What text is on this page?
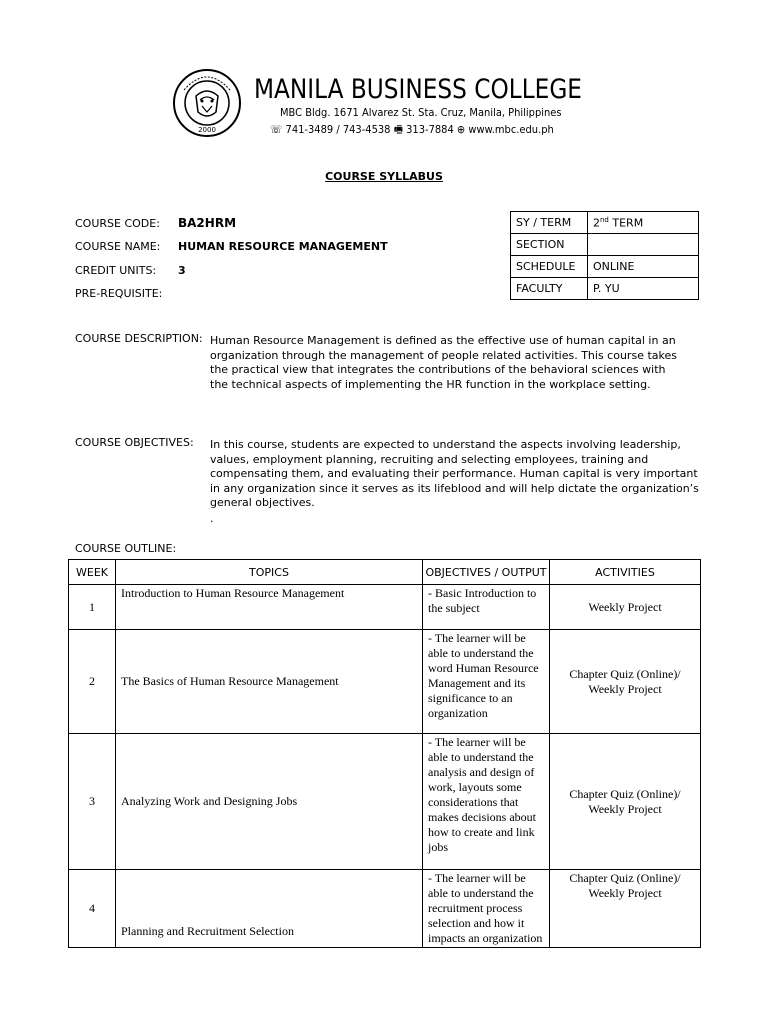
2000
MANILA BUSINESS COLLEGE
MBC Bldg. 1671 Alvarez St. Sta. Cruz, Manila, Philippines
☏ 741-3489 / 743-4538 🖷 313-7884 ⊕ www.mbc.edu.ph
COURSE SYLLABUS
COURSE CODE: BA2HRM
COURSE NAME: HUMAN RESOURCE MANAGEMENT
CREDIT UNITS: 3
PRE-REQUISITE:
SY / TERM	2nd TERM
SECTION	
SCHEDULE	ONLINE
FACULTY	P. YU
COURSE DESCRIPTION: Human Resource Management is defined as the effective use of human capital in an organization through the management of people related activities. This course takes the practical view that integrates the contributions of the behavioral sciences with the technical aspects of implementing the HR function in the workplace setting.
COURSE OBJECTIVES: In this course, students are expected to understand the aspects involving leadership, values, employment planning, recruiting and selecting employees, training and compensating them, and evaluating their performance. Human capital is very important in any organization since it serves as its lifeblood and will help dictate the organization’s general objectives.
.
COURSE OUTLINE:
WEEK	TOPICS	OBJECTIVES / OUTPUT	ACTIVITIES
1	Introduction to Human Resource Management	- Basic Introduction to the subject	Weekly Project
2	The Basics of Human Resource Management	- The learner will be able to understand the word Human Resource Management and its significance to an organization	Chapter Quiz (Online)/ Weekly Project
3	Analyzing Work and Designing Jobs	- The learner will be able to understand the analysis and design of work, layouts some considerations that makes decisions about how to create and link jobs	Chapter Quiz (Online)/ Weekly Project
4	Planning and Recruitment Selection	- The learner will be able to understand the recruitment process selection and how it impacts an organization	Chapter Quiz (Online)/ Weekly Project
